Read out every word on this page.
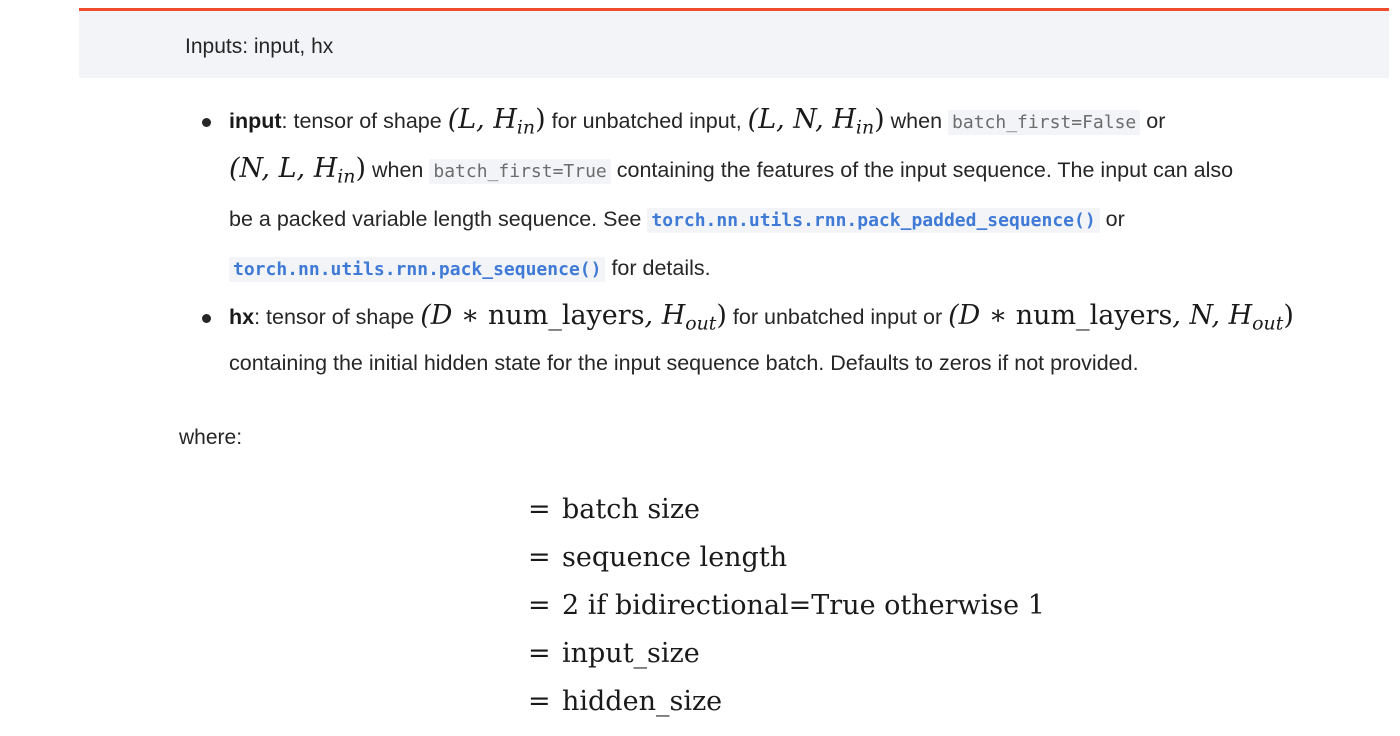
Inputs: input, hx
input: tensor of shape (L, $H_{in}$) for unbatched input, (L, N, $H_{in}$) when batch_first=False or
(N, L, $H_{in}$) when batch_first=True containing the features of the input sequence. The input can also
be a packed variable length sequence. See torch.nn.utils.rnn.pack_padded_sequence() or
torch.nn.utils.rnn.pack_sequence() for details.
hx: tensor of shape (D ∗ num_layers, $H_{out}$) for unbatched input or (D ∗ num_layers, N, $H_{out}$)
containing the initial hidden state for the input sequence batch. Defaults to zeros if not provided.
where:
= batch size
= sequence length
= 2 if bidirectional=True otherwise 1
= input_size
= hidden_size
